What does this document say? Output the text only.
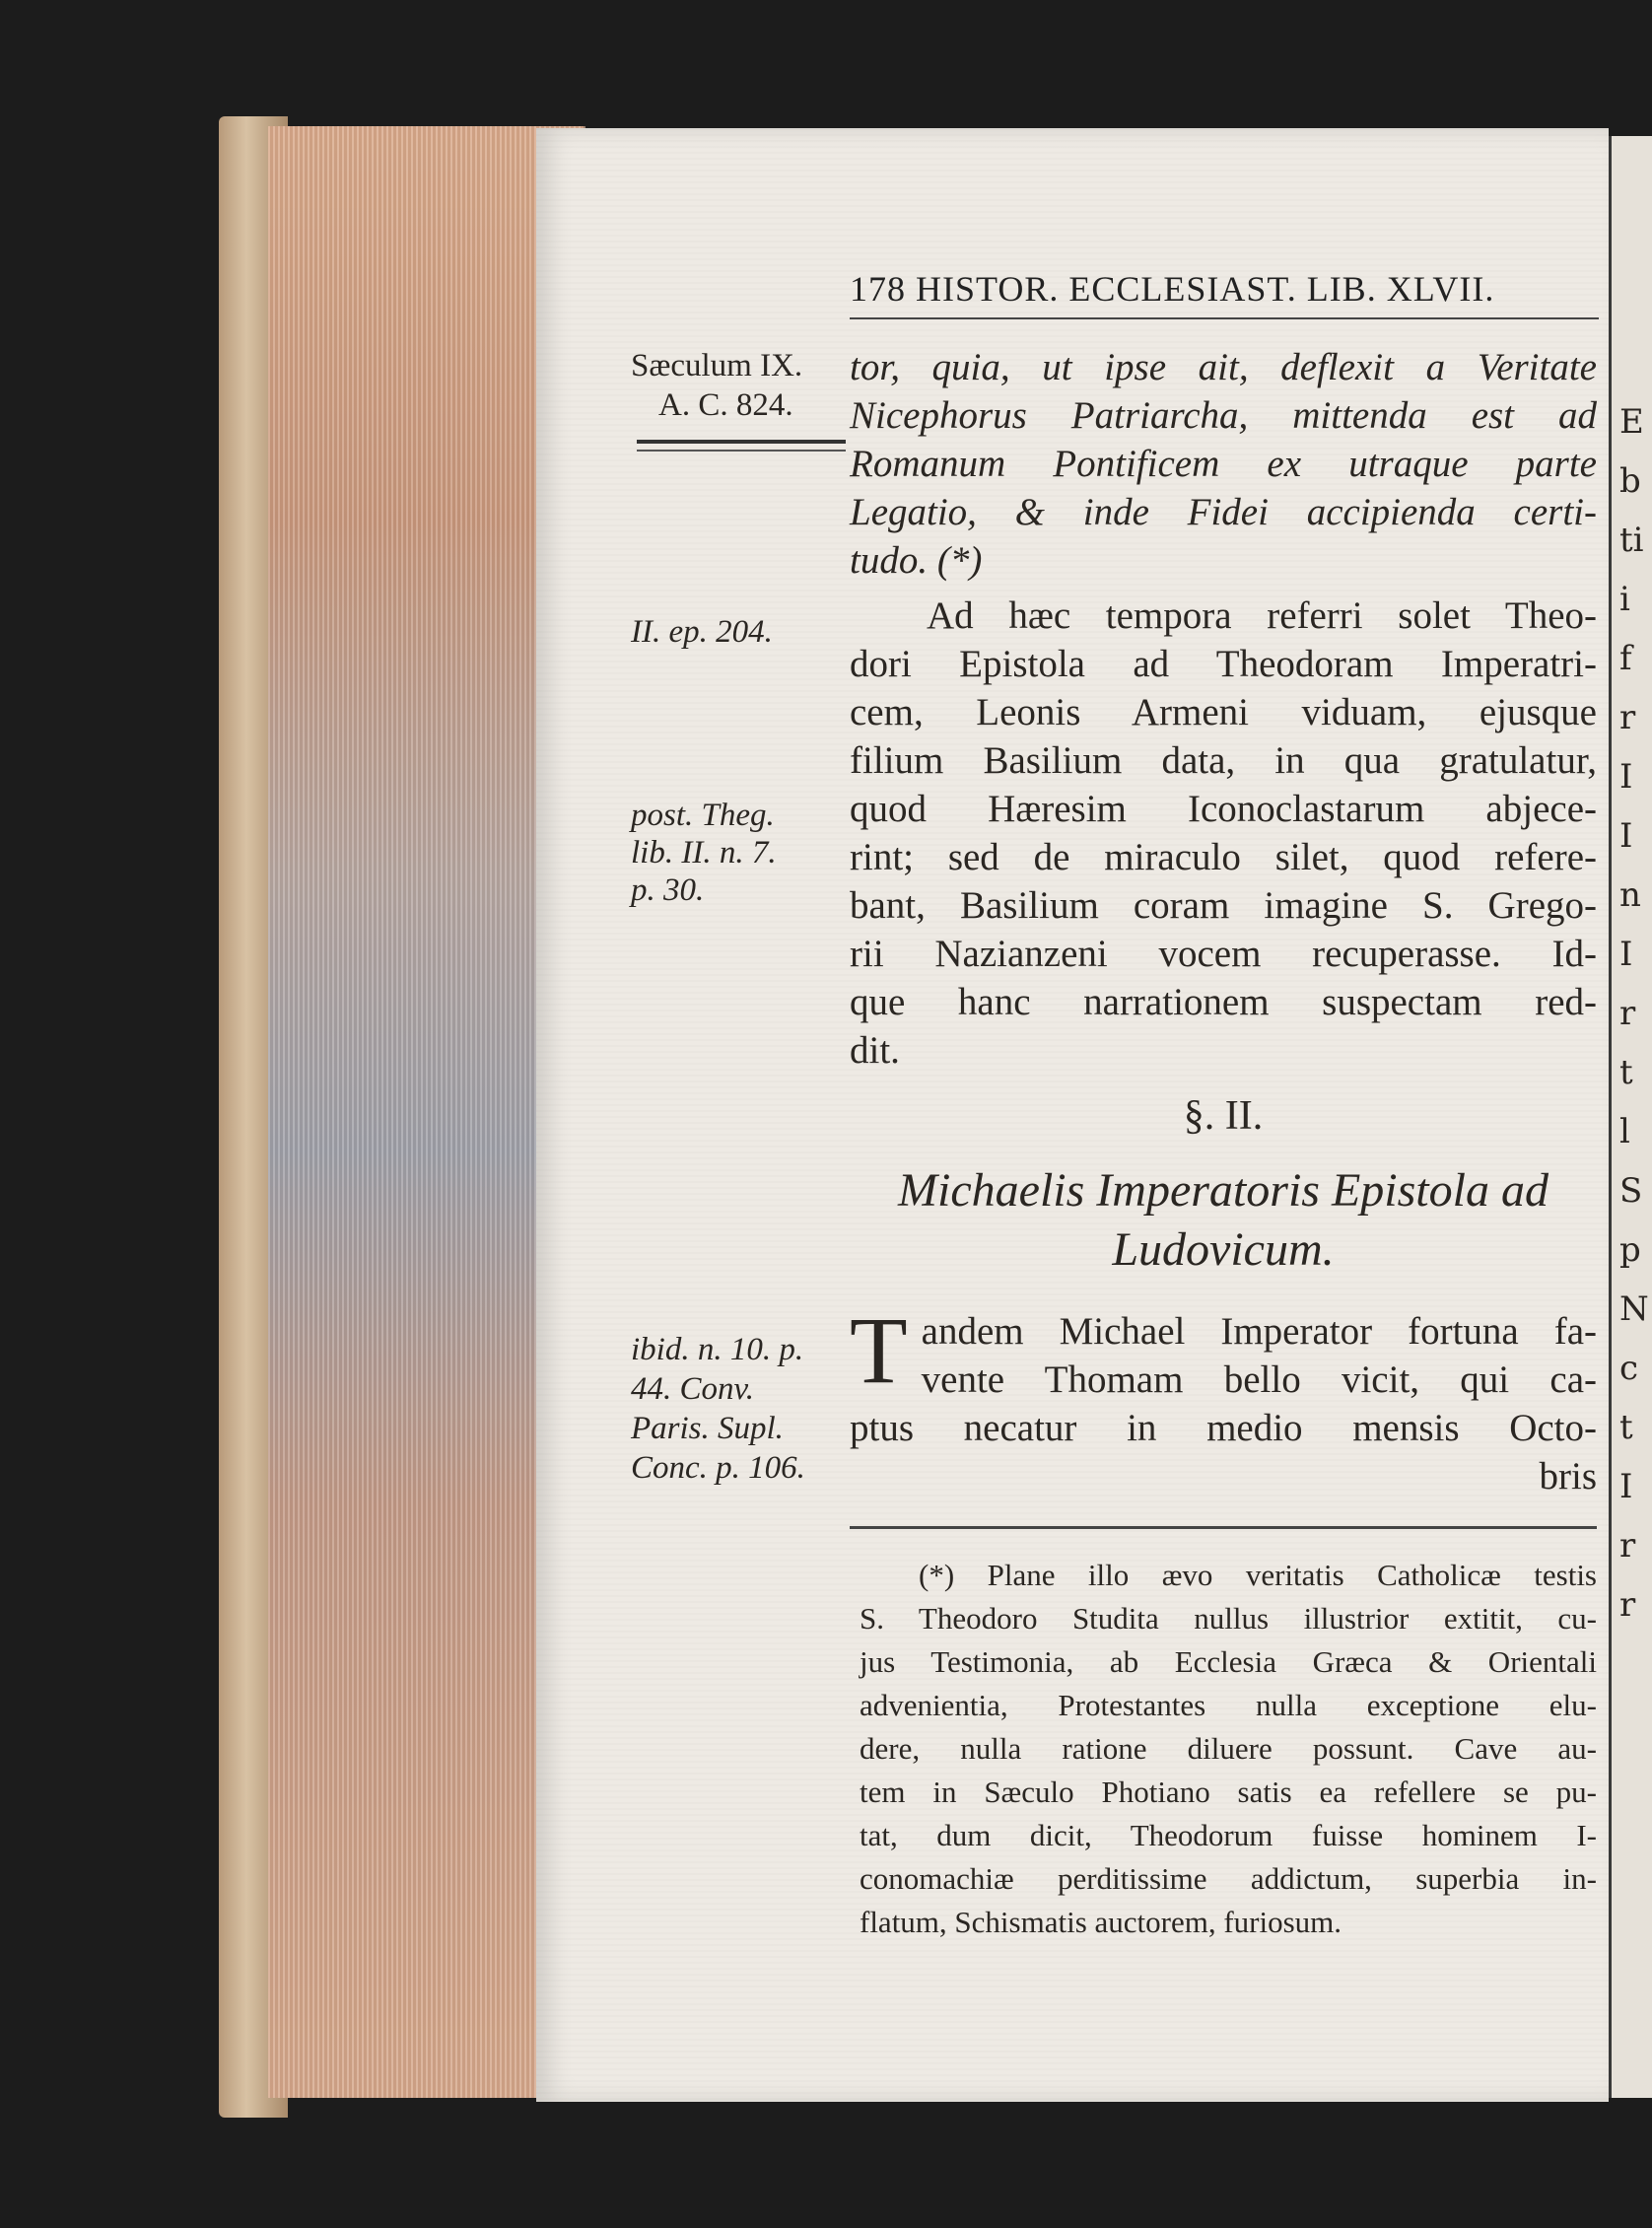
E
b
ti
i
f
r
I
I
n
I
r
t
l
S
p
N
c
t
I
r
r
178 HISTOR. ECCLESIAST. LIB. XLVII.
Sæculum IX.
A. C. 824.
II. ep. 204.
post. Theg.
lib. II. n. 7.
p. 30.
ibid. n. 10. p.
44. Conv.
Paris. Supl.
Conc. p. 106.
tor, quia, ut ipse ait, deflexit a Veritate
Nicephorus Patriarcha, mittenda est ad
Romanum Pontificem ex utraque parte
Legatio, & inde Fidei accipienda certi-
tudo. (*)
Ad hæc tempora referri solet Theo-
dori Epistola ad Theodoram Imperatri-
cem, Leonis Armeni viduam, ejusque
filium Basilium data, in qua gratulatur,
quod Hæresim Iconoclastarum abjece-
rint; sed de miraculo silet, quod refere-
bant, Basilium coram imagine S. Grego-
rii Nazianzeni vocem recuperasse. Id-
que hanc narrationem suspectam red-
dit.
§. II.
Michaelis Imperatoris Epistola ad
Ludovicum.
T andem Michael Imperator fortuna fa-
vente Thomam bello vicit, qui ca-
ptus necatur in medio mensis Octo-
bris
(*) Plane illo ævo veritatis Catholicæ testis
S. Theodoro Studita nullus illustrior extitit, cu-
jus Testimonia, ab Ecclesia Græca & Orientali
advenientia, Protestantes nulla exceptione elu-
dere, nulla ratione diluere possunt. Cave au-
tem in Sæculo Photiano satis ea refellere se pu-
tat, dum dicit, Theodorum fuisse hominem I-
conomachiæ perditissime addictum, superbia in-
flatum, Schismatis auctorem, furiosum.
